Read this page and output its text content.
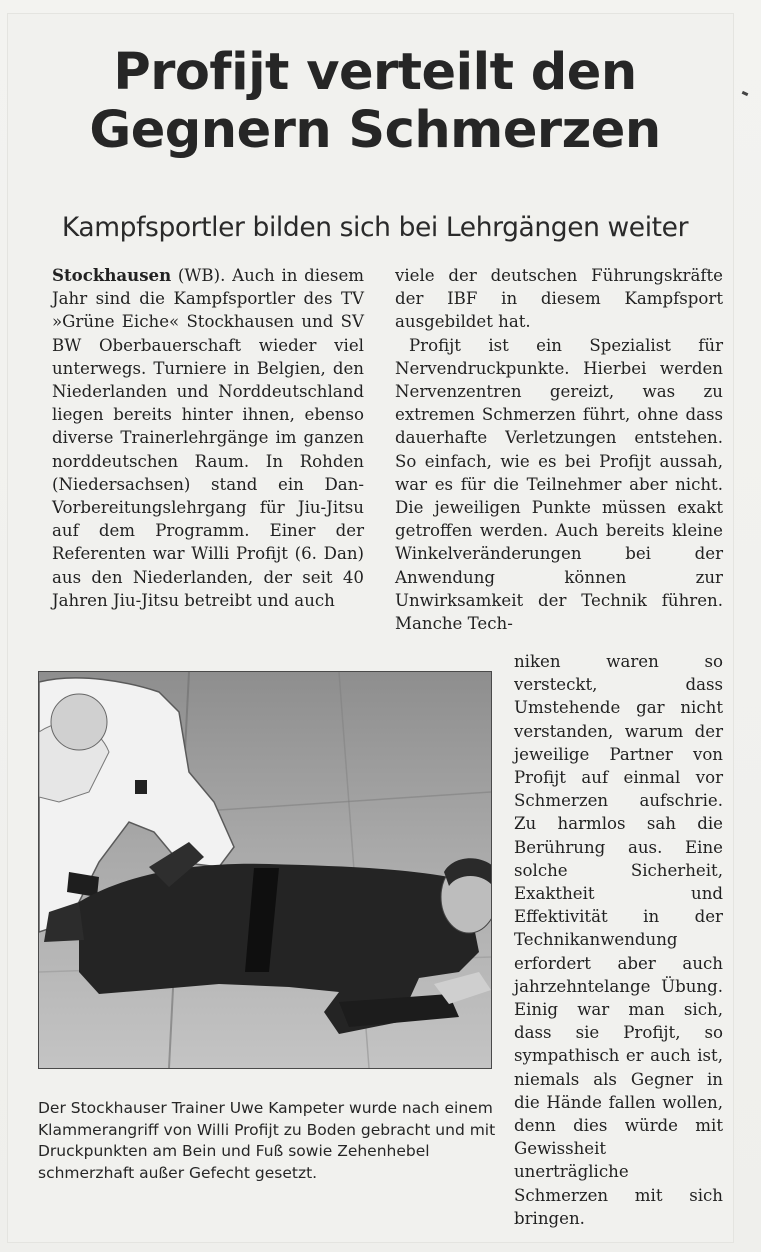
Profijt verteilt den
Gegnern Schmerzen

Kampfsportler bilden sich bei Lehrgängen weiter

Stockhausen (WB). Auch in diesem Jahr sind die Kampfsportler des TV »Grüne Eiche« Stockhausen und SV BW Oberbauerschaft wieder viel unterwegs. Turniere in Belgien, den Niederlanden und Norddeutschland liegen bereits hinter ihnen, ebenso diverse Trainerlehrgänge im ganzen norddeutschen Raum. In Rohden (Niedersachsen) stand ein Dan-Vorbereitungslehrgang für Jiu-Jitsu auf dem Programm. Einer der Referenten war Willi Profijt (6. Dan) aus den Niederlanden, der seit 40 Jahren Jiu-Jitsu betreibt und auch

viele der deutschen Führungskräfte der IBF in diesem Kampfsport ausgebildet hat.

Profijt ist ein Spezialist für Nervendruckpunkte. Hierbei werden Nervenzentren gereizt, was zu extremen Schmerzen führt, ohne dass dauerhafte Verletzungen entstehen. So einfach, wie es bei Profijt aussah, war es für die Teilnehmer aber nicht. Die jeweiligen Punkte müssen exakt getroffen werden. Auch bereits kleine Winkelveränderungen bei der Anwendung können zur Unwirksamkeit der Technik führen. Manche Tech-

niken waren so versteckt, dass Umstehende gar nicht verstanden, warum der jeweilige Partner von Profijt auf einmal vor Schmerzen aufschrie. Zu harmlos sah die Berührung aus. Eine solche Sicherheit, Exaktheit und Effektivität in der Technikanwendung erfordert aber auch jahrzehntelange Übung. Einig war man sich, dass sie Profijt, so sympathisch er auch ist, niemals als Gegner in die Hände fallen wollen, denn dies würde mit Gewissheit unerträgliche Schmerzen mit sich bringen.

Der Stockhauser Trainer Uwe Kampeter wurde nach einem Klammerangriff von Willi Profijt zu Boden gebracht und mit Druckpunkten am Bein und Fuß sowie Zehenhebel schmerzhaft außer Gefecht gesetzt.
